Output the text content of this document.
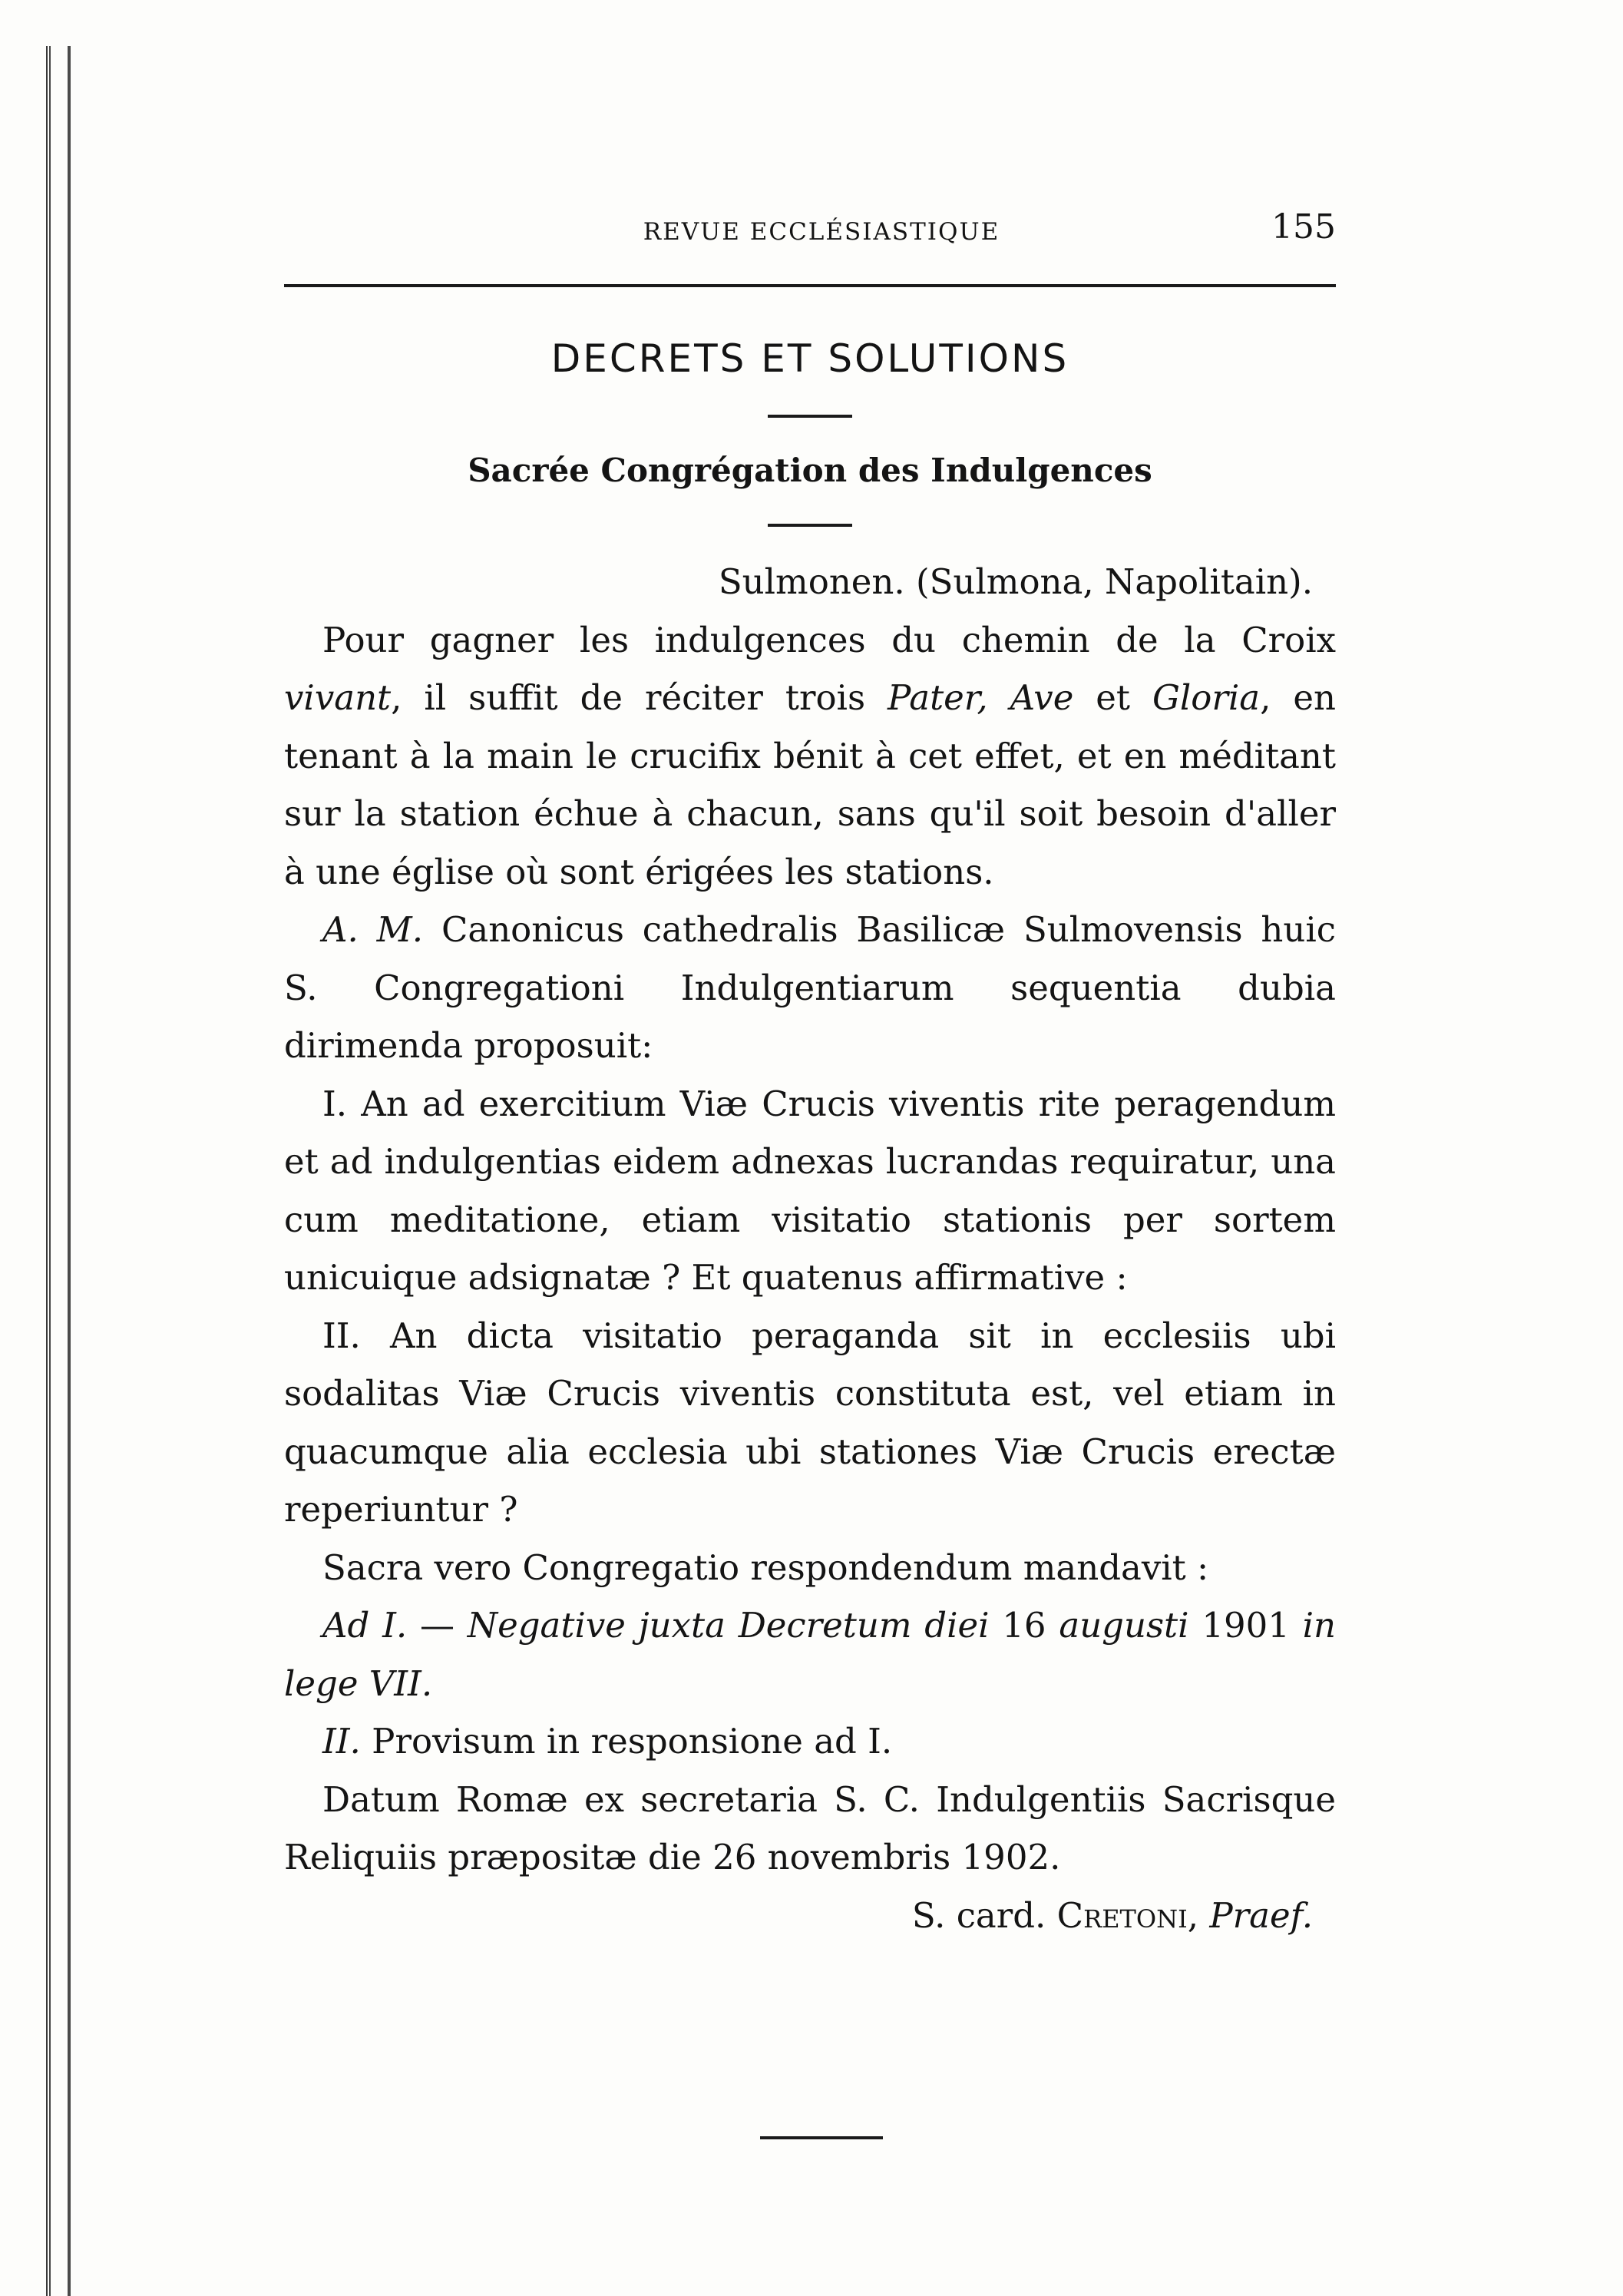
REVUE ECCLÉSIASTIQUE	155
DECRETS ET SOLUTIONS
Sacrée Congrégation des Indulgences

Sulmonen. (Sulmona, Napolitain).

Pour gagner les indulgences du chemin de la Croix vivant, il suffit de réciter trois Pater, Ave et Gloria, en tenant à la main le crucifix bénit à cet effet, et en méditant sur la station échue à chacun, sans qu'il soit besoin d'aller à une église où sont érigées les stations.

A. M. Canonicus cathedralis Basilicæ Sulmovensis huic S. Congregationi Indulgentiarum sequentia dubia dirimenda proposuit:

I. An ad exercitium Viæ Crucis viventis rite peragendum et ad indulgentias eidem adnexas lucrandas requiratur, una cum meditatione, etiam visitatio stationis per sortem unicuique adsignatæ ? Et quatenus affirmative :

II. An dicta visitatio peraganda sit in ecclesiis ubi sodalitas Viæ Crucis viventis constituta est, vel etiam in quacumque alia ecclesia ubi stationes Viæ Crucis erectæ reperiuntur ?

Sacra vero Congregatio respondendum mandavit :

Ad I. — Negative juxta Decretum diei 16 augusti 1901 in lege VII.

II. Provisum in responsione ad I.

Datum Romæ ex secretaria S. C. Indulgentiis Sacrisque Reliquiis præpositæ die 26 novembris 1902.

S. card. Cretoni, Praef.
